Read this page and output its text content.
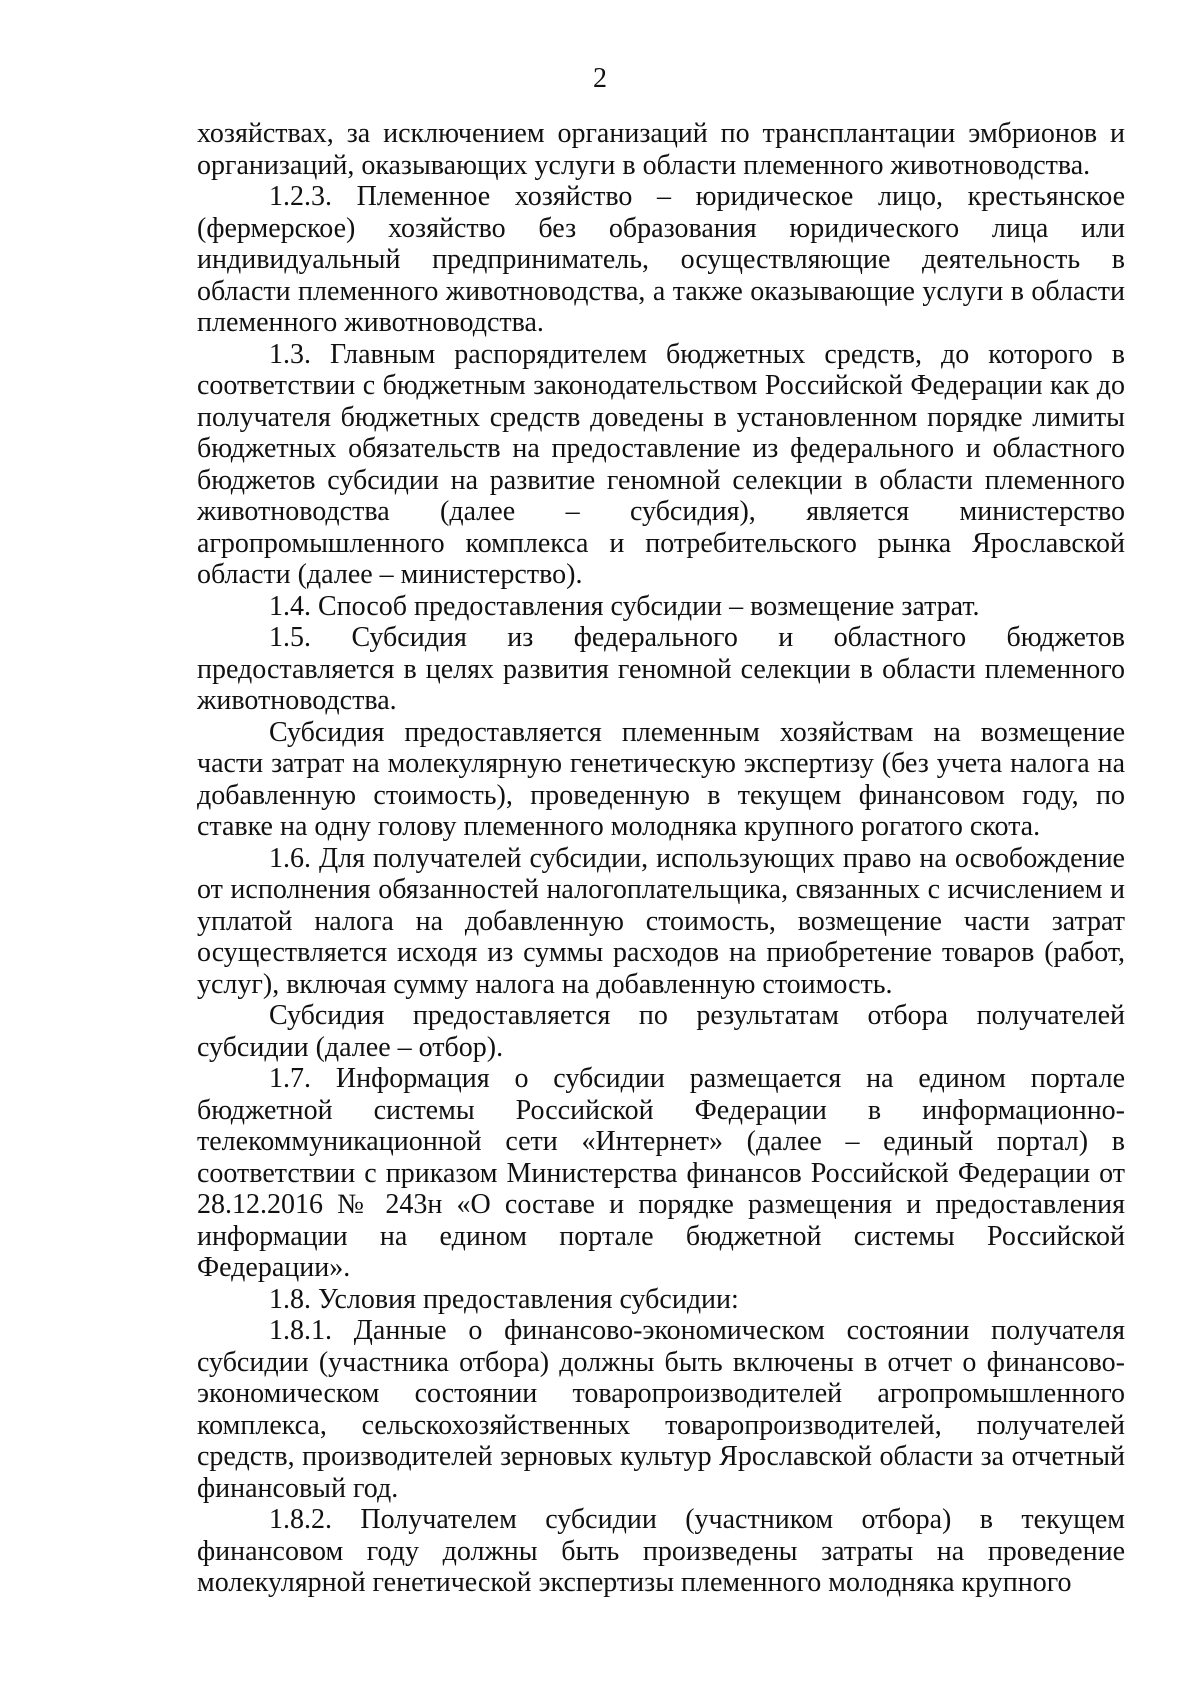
2

хозяйствах, за исключением организаций по трансплантации эмбрионов и организаций, оказывающих услуги в области племенного животноводства.

1.2.3. Племенное хозяйство – юридическое лицо, крестьянское (фермерское) хозяйство без образования юридического лица или индивидуальный предприниматель, осуществляющие деятельность в области племенного животноводства, а также оказывающие услуги в области племенного животноводства.

1.3. Главным распорядителем бюджетных средств, до которого в соответствии с бюджетным законодательством Российской Федерации как до получателя бюджетных средств доведены в установленном порядке лимиты бюджетных обязательств на предоставление из федерального и областного бюджетов субсидии на развитие геномной селекции в области племенного животноводства (далее – субсидия), является министерство агропромышленного комплекса и потребительского рынка Ярославской области (далее – министерство).

1.4. Способ предоставления субсидии – возмещение затрат.

1.5. Субсидия из федерального и областного бюджетов предоставляется в целях развития геномной селекции в области племенного животноводства.

Субсидия предоставляется племенным хозяйствам на возмещение части затрат на молекулярную генетическую экспертизу (без учета налога на добавленную стоимость), проведенную в текущем финансовом году, по ставке на одну голову племенного молодняка крупного рогатого скота.

1.6. Для получателей субсидии, использующих право на освобождение от исполнения обязанностей налогоплательщика, связанных с исчислением и уплатой налога на добавленную стоимость, возмещение части затрат осуществляется исходя из суммы расходов на приобретение товаров (работ, услуг), включая сумму налога на добавленную стоимость.

Субсидия предоставляется по результатам отбора получателей субсидии (далее – отбор).

1.7. Информация о субсидии размещается на едином портале бюджетной системы Российской Федерации в информационно-телекоммуникационной сети «Интернет» (далее – единый портал) в соответствии с приказом Министерства финансов Российской Федерации от 28.12.2016 № 243н «О составе и порядке размещения и предоставления информации на едином портале бюджетной системы Российской Федерации».

1.8. Условия предоставления субсидии:

1.8.1. Данные о финансово-экономическом состоянии получателя субсидии (участника отбора) должны быть включены в отчет о финансово-экономическом состоянии товаропроизводителей агропромышленного комплекса, сельскохозяйственных товаропроизводителей, получателей средств, производителей зерновых культур Ярославской области за отчетный финансовый год.

1.8.2. Получателем субсидии (участником отбора) в текущем финансовом году должны быть произведены затраты на проведение молекулярной генетической экспертизы племенного молодняка крупного
